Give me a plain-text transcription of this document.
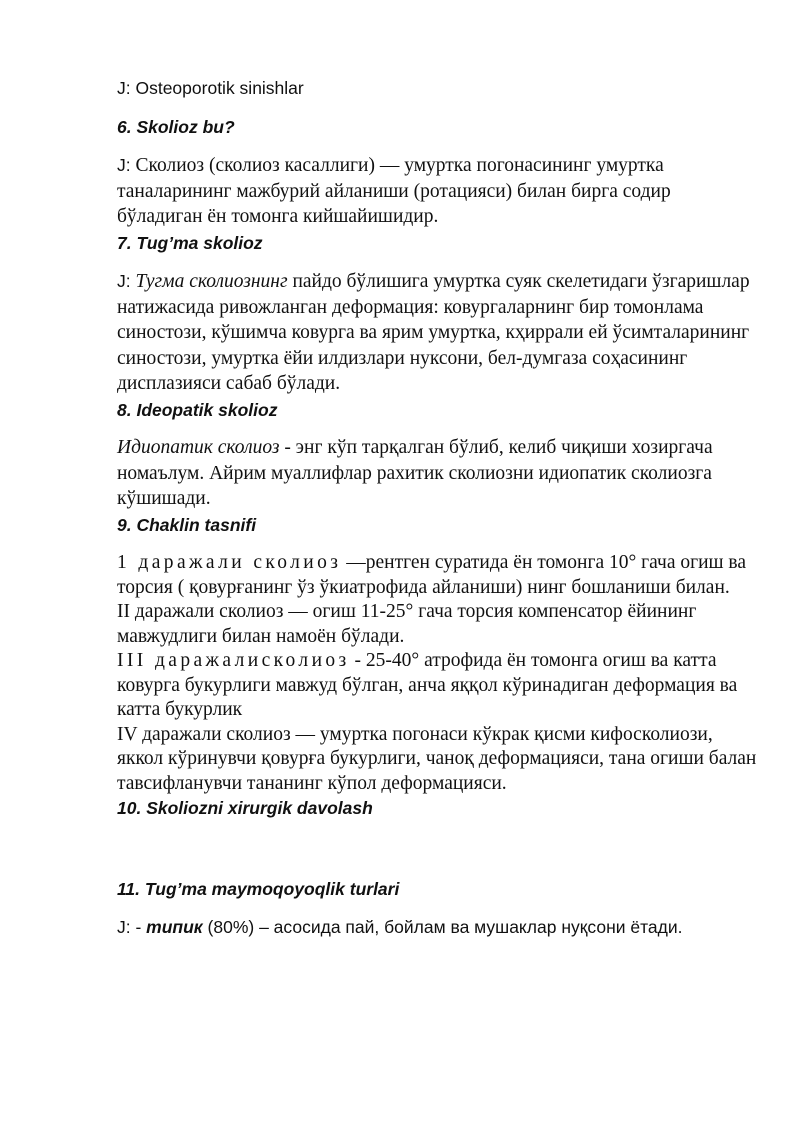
J: Osteoporotik sinishlar

6. Skolioz bu?

J: Сколиоз (сколиоз касаллиги) — умуртка погонасининг умуртка таналарининг мажбурий айланиши (ротацияси) билан бирга содир бўладиган ён томонга кийшайишидир.

7. Tug’ma skolioz

J: Тугма сколиознинг пайдо бўлишига умуртка суяк скелетидаги ўзгаришлар натижасида ривожланган деформация: ковургаларнинг бир томонлама синостози, кўшимча ковурга ва ярим умуртка, кҳиррали ей ўсимталарининг синостози, умуртка ёйи илдизлари нуксони, бел-думгаза соҳасининг дисплазияси сабаб бўлади.

8. Ideopatik skolioz

Идиопатик сколиоз - энг кўп тарқалган бўлиб, келиб чиқиши хозиргача номаълум. Айрим муаллифлар рахитик сколиозни идиопатик сколиозга кўшишади.

9. Chaklin tasnifi

1 даражали сколиоз —рентген суратида ён томонга 10° гача огиш ва торсия ( қовурғанинг ўз ўкиатрофида айланиши) нинг бошланиши билан.

II даражали сколиоз — огиш 11-25° гача торсия компенсатор ёйининг мавжудлиги билан намоён бўлади.

III даражалисколиоз - 25-40° атрофида ён томонга огиш ва катта ковурга букурлиги мавжуд бўлган, анча яққол кўринадиган деформация ва катта букурлик

IV даражали сколиоз — умуртка погонаси кўкрак қисми кифосколиози, яккол кўринувчи қовурға букурлиги, чаноқ деформацияси, тана огиши балан тавсифланувчи тананинг кўпол деформацияси.

10. Skoliozni xirurgik davolash

11. Tug’ma maymoqoyoqlik turlari

J: - типик (80%) – асосида пай, бойлам ва мушаклар нуқсони ётади.
